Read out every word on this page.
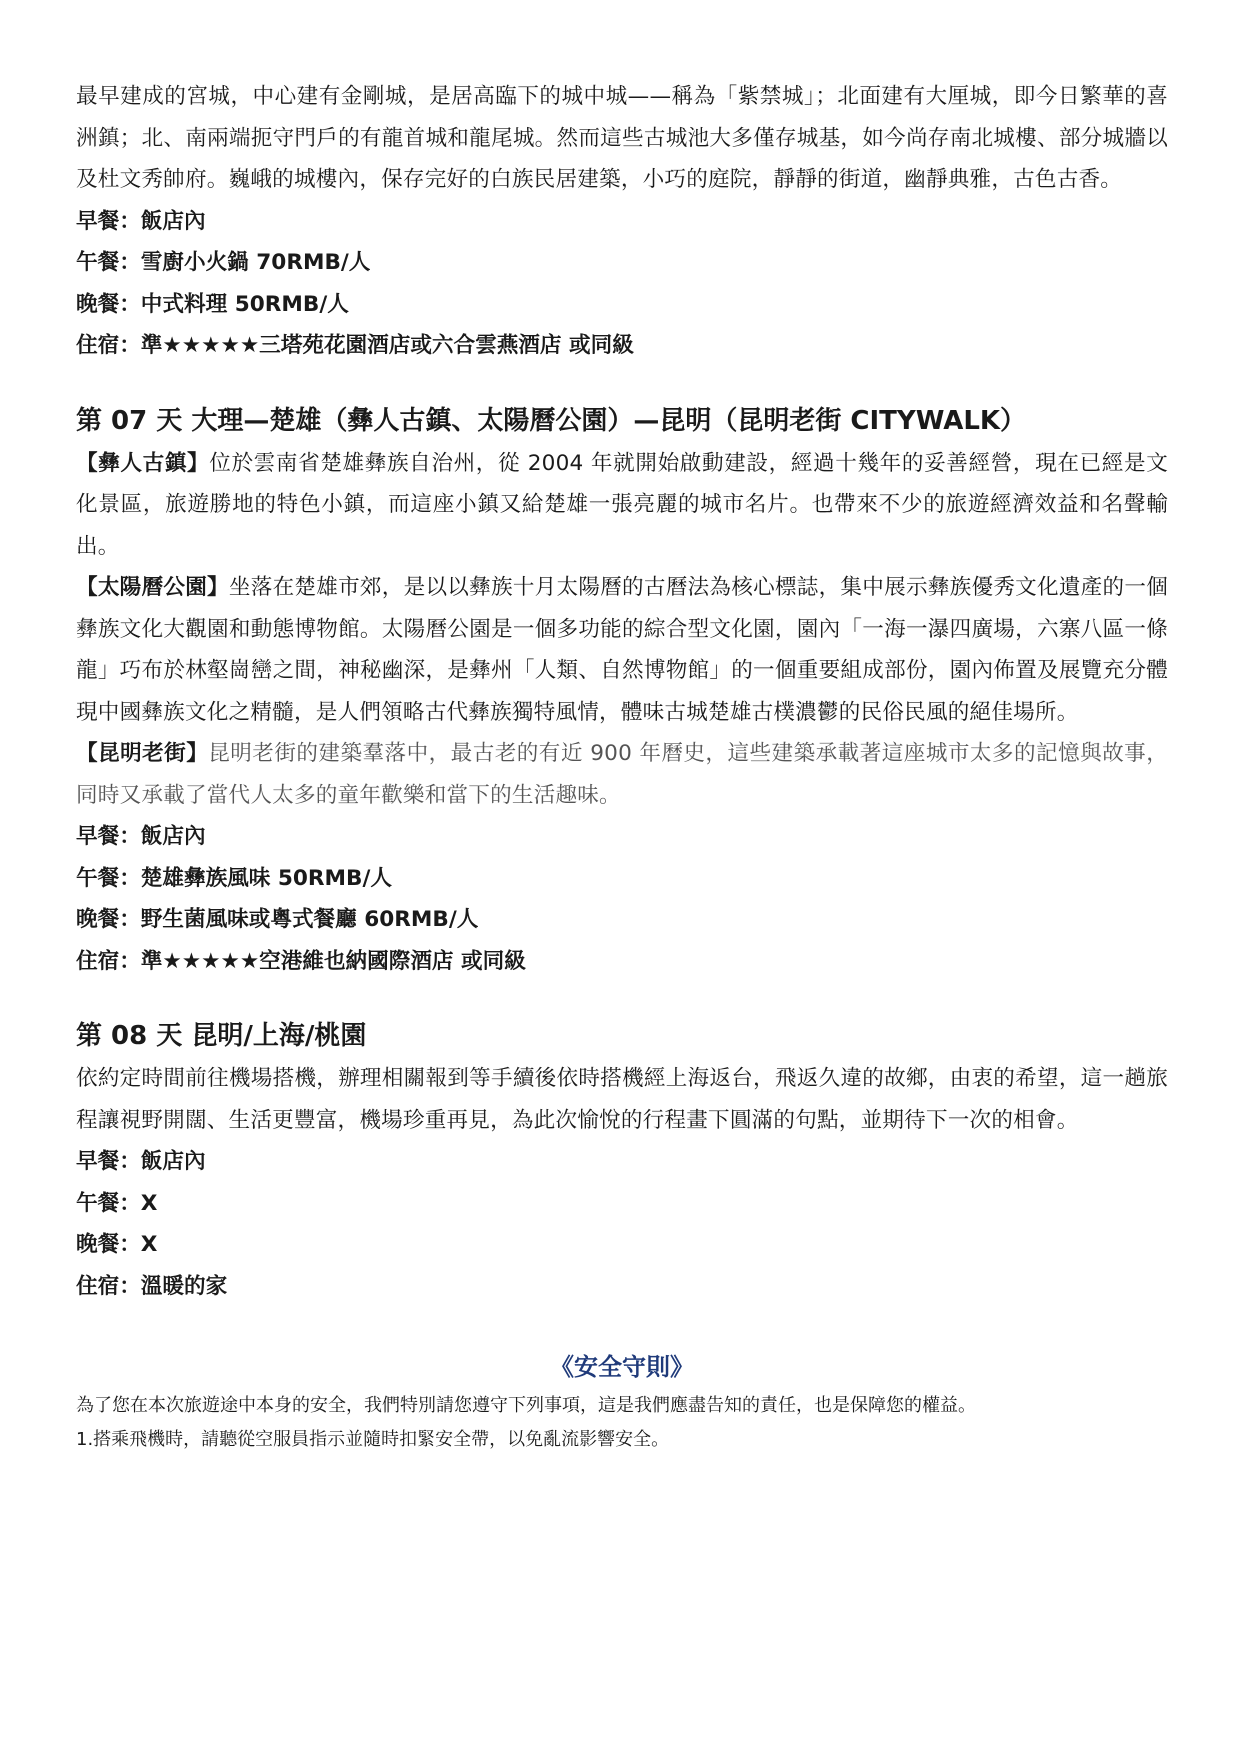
最早建成的宮城，中心建有金剛城，是居高臨下的城中城——稱為「紫禁城」；北面建有大厘城，即今日繁華的喜洲鎮；北、南兩端扼守門戶的有龍首城和龍尾城。然而這些古城池大多僅存城基，如今尚存南北城樓、部分城牆以及杜文秀帥府。巍峨的城樓內，保存完好的白族民居建築，小巧的庭院，靜靜的街道，幽靜典雅，古色古香。

早餐：飯店內

午餐：雪廚小火鍋 70RMB/人

晚餐：中式料理 50RMB/人

住宿：準★★★★★三塔苑花園酒店或六合雲燕酒店 或同級

第 07 天 大理—楚雄（彝人古鎮、太陽曆公園）—昆明（昆明老街 CITYWALK）

【彝人古鎮】位於雲南省楚雄彝族自治州，從 2004 年就開始啟動建設，經過十幾年的妥善經營，現在已經是文化景區，旅遊勝地的特色小鎮，而這座小鎮又給楚雄一張亮麗的城市名片。也帶來不少的旅遊經濟效益和名聲輸出。

【太陽曆公園】坐落在楚雄市郊，是以以彝族十月太陽曆的古曆法為核心標誌，集中展示彝族優秀文化遺產的一個彝族文化大觀園和動態博物館。太陽曆公園是一個多功能的綜合型文化園，園內「一海一瀑四廣場，六寨八區一條龍」巧布於林壑崗巒之間，神秘幽深，是彝州「人類、自然博物館」的一個重要組成部份，園內佈置及展覽充分體現中國彝族文化之精髓，是人們領略古代彝族獨特風情，體味古城楚雄古樸濃鬱的民俗民風的絕佳場所。

【昆明老街】昆明老街的建築羣落中，最古老的有近 900 年曆史，這些建築承載著這座城市太多的記憶與故事，同時又承載了當代人太多的童年歡樂和當下的生活趣味。

早餐：飯店內

午餐：楚雄彝族風味 50RMB/人

晚餐：野生菌風味或粵式餐廳 60RMB/人

住宿：準★★★★★空港維也納國際酒店 或同級

第 08 天 昆明/上海/桃園

依約定時間前往機場搭機，辦理相關報到等手續後依時搭機經上海返台，飛返久違的故鄉，由衷的希望，這一趟旅程讓視野開闊、生活更豐富，機場珍重再見，為此次愉悅的行程畫下圓滿的句點，並期待下一次的相會。

早餐：飯店內

午餐：X

晚餐：X

住宿：溫暖的家

《安全守則》

為了您在本次旅遊途中本身的安全，我們特別請您遵守下列事項，這是我們應盡告知的責任，也是保障您的權益。

1.搭乘飛機時，請聽從空服員指示並隨時扣緊安全帶，以免亂流影響安全。
